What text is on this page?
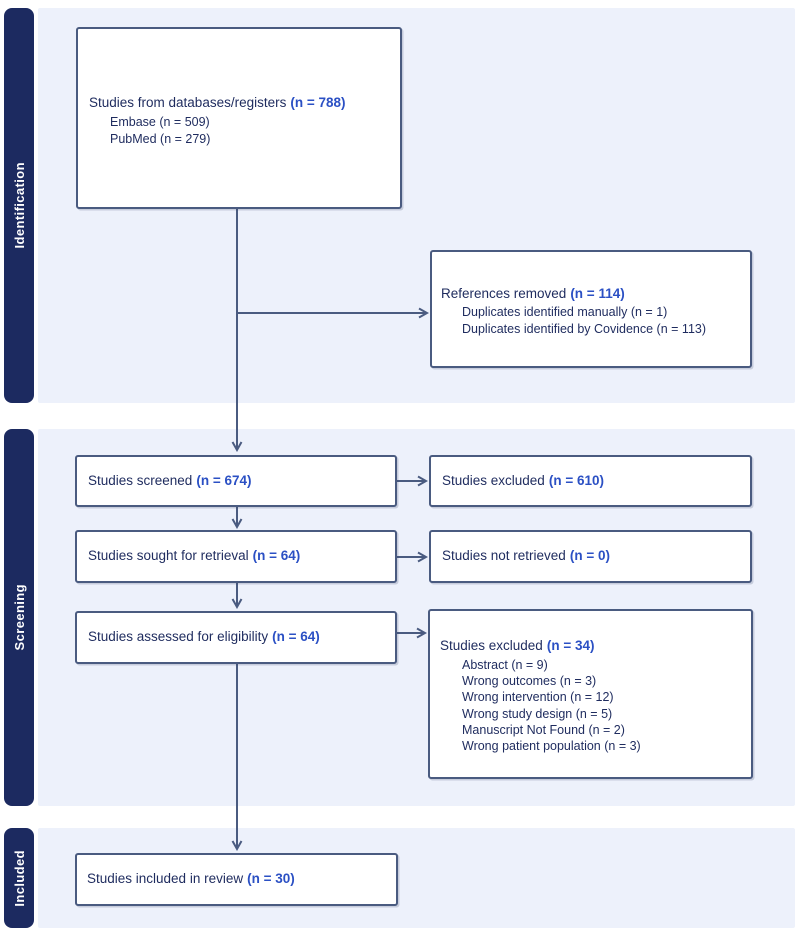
Identification
Screening
Included
Studies from databases/registers (n = 788)
Embase (n = 509)
PubMed (n = 279)
References removed (n = 114)
Duplicates identified manually (n = 1)
Duplicates identified by Covidence (n = 113)
Studies screened (n = 674)	Studies excluded (n = 610)
Studies sought for retrieval (n = 64)	Studies not retrieved (n = 0)
Studies assessed for eligibility (n = 64)
Studies excluded (n = 34)
Abstract (n = 9)
Wrong outcomes (n = 3)
Wrong intervention (n = 12)
Wrong study design (n = 5)
Manuscript Not Found (n = 2)
Wrong patient population (n = 3)
Studies included in review (n = 30)
